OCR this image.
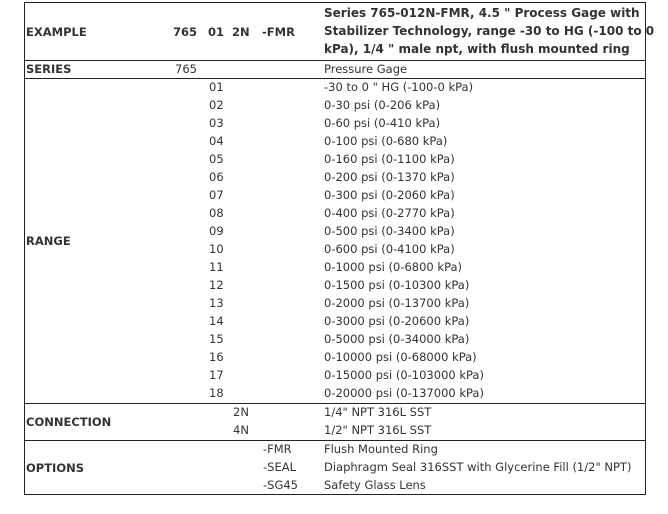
EXAMPLE	765 01 2N -FMR
Series 765-012N-FMR, 4.5 " Process Gage with
Stabilizer Technology, range -30 to HG (-100 to 0
kPa), 1/4 " male npt, with flush mounted ring
SERIES	765	Pressure Gage
RANGE
01	-30 to 0 " HG (-100-0 kPa)
02	0-30 psi (0-206 kPa)
03	0-60 psi (0-410 kPa)
04	0-100 psi (0-680 kPa)
05	0-160 psi (0-1100 kPa)
06	0-200 psi (0-1370 kPa)
07	0-300 psi (0-2060 kPa)
08	0-400 psi (0-2770 kPa)
09	0-500 psi (0-3400 kPa)
10	0-600 psi (0-4100 kPa)
11	0-1000 psi (0-6800 kPa)
12	0-1500 psi (0-10300 kPa)
13	0-2000 psi (0-13700 kPa)
14	0-3000 psi (0-20600 kPa)
15	0-5000 psi (0-34000 kPa)
16	0-10000 psi (0-68000 kPa)
17	0-15000 psi (0-103000 kPa)
18	0-20000 psi (0-137000 kPa)
CONNECTION
2N	1/4" NPT 316L SST
4N	1/2" NPT 316L SST
OPTIONS
-FMR	Flush Mounted Ring
-SEAL Diaphragm Seal 316SST with Glycerine Fill (1/2" NPT)
-SG45 Safety Glass Lens
